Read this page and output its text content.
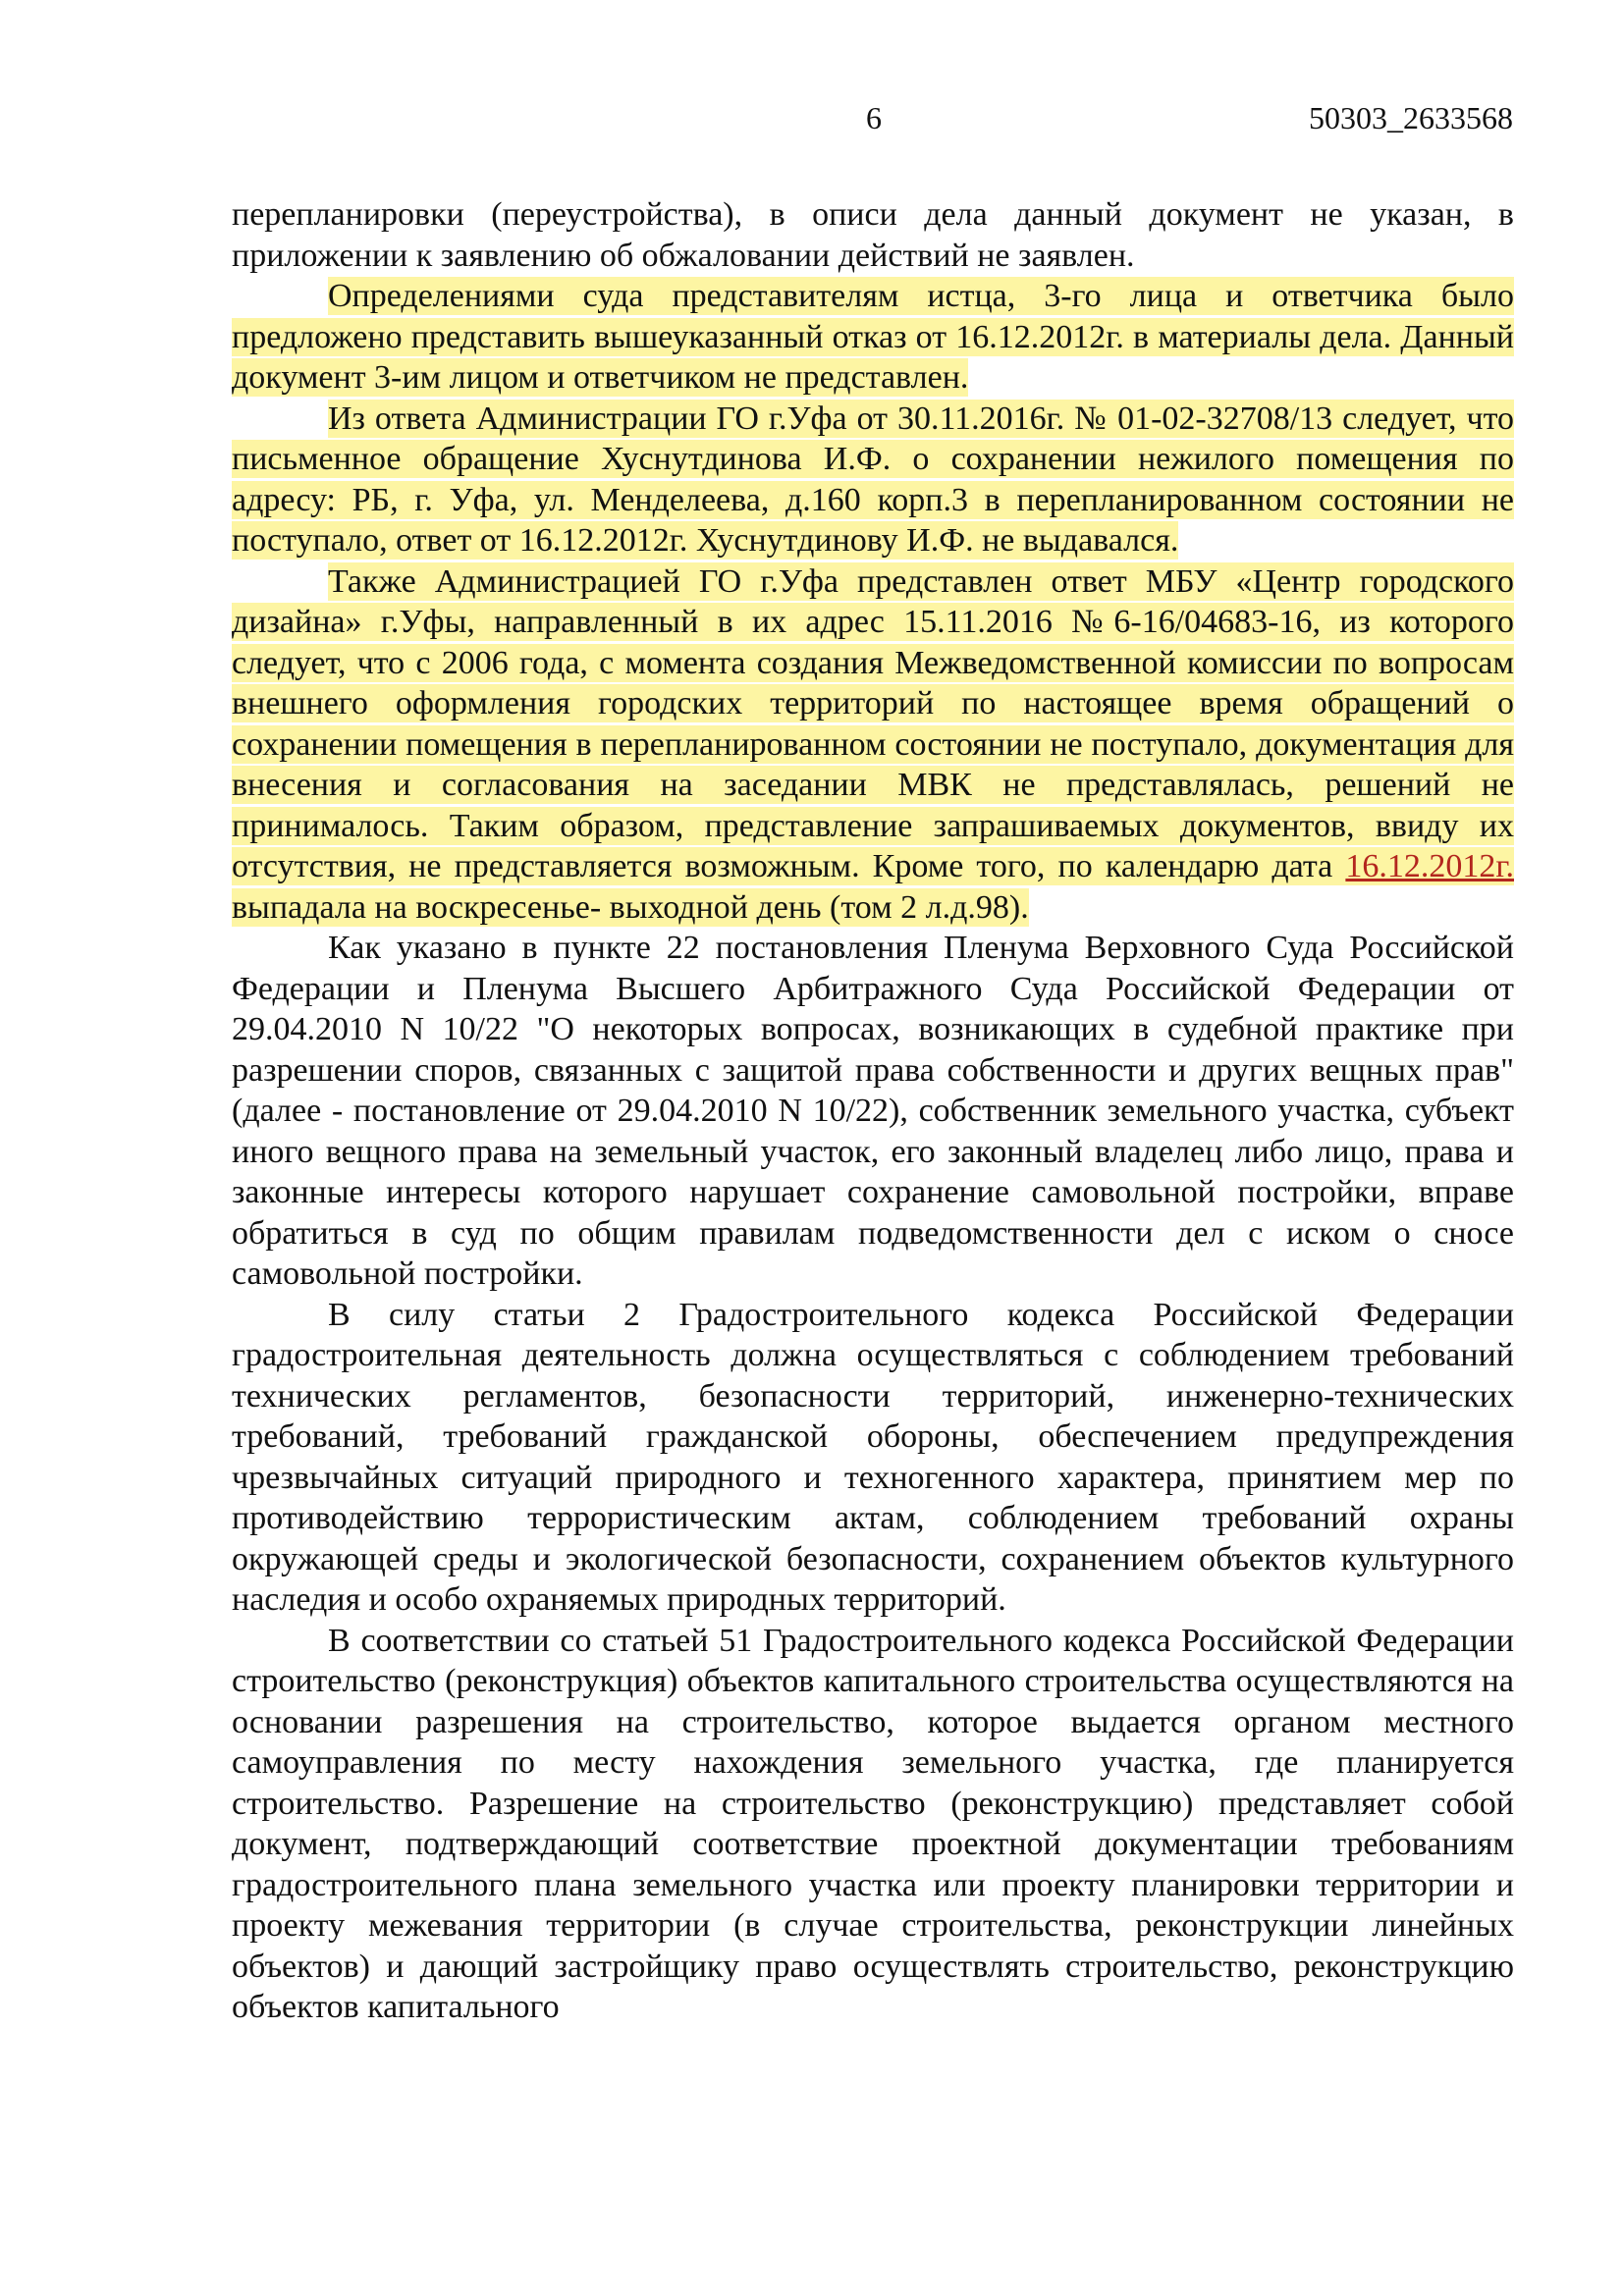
6	50303_2633568

перепланировки (переустройства), в описи дела данный документ не указан, в приложении к заявлению об обжаловании действий не заявлен.

Определениями суда представителям истца, 3-го лица и ответчика было предложено представить вышеуказанный отказ от 16.12.2012г. в материалы дела. Данный документ 3-им лицом и ответчиком не представлен.

Из ответа Администрации ГО г.Уфа от 30.11.2016г. № 01-02-32708/13 следует, что письменное обращение Хуснутдинова И.Ф. о сохранении нежилого помещения по адресу: РБ, г. Уфа, ул. Менделеева, д.160 корп.3 в перепланированном состоянии не поступало, ответ от 16.12.2012г. Хуснутдинову И.Ф. не выдавался.

Также Администрацией ГО г.Уфа представлен ответ МБУ «Центр городского дизайна» г.Уфы, направленный в их адрес 15.11.2016 №6-16/04683-16, из которого следует, что с 2006 года, с момента создания Межведомственной комиссии по вопросам внешнего оформления городских территорий по настоящее время обращений о сохранении помещения в перепланированном состоянии не поступало, документация для внесения и согласования на заседании МВК не представлялась, решений не принималось. Таким образом, представление запрашиваемых документов, ввиду их отсутствия, не представляется возможным. Кроме того, по календарю дата 16.12.2012г. выпадала на воскресенье- выходной день (том 2 л.д.98).

Как указано в пункте 22 постановления Пленума Верховного Суда Российской Федерации и Пленума Высшего Арбитражного Суда Российской Федерации от 29.04.2010 N 10/22 "О некоторых вопросах, возникающих в судебной практике при разрешении споров, связанных с защитой права собственности и других вещных прав" (далее - постановление от 29.04.2010 N 10/22), собственник земельного участка, субъект иного вещного права на земельный участок, его законный владелец либо лицо, права и законные интересы которого нарушает сохранение самовольной постройки, вправе обратиться в суд по общим правилам подведомственности дел с иском о сносе самовольной постройки.

В силу статьи 2 Градостроительного кодекса Российской Федерации градостроительная деятельность должна осуществляться с соблюдением требований технических регламентов, безопасности территорий, инженерно-технических требований, требований гражданской обороны, обеспечением предупреждения чрезвычайных ситуаций природного и техногенного характера, принятием мер по противодействию террористическим актам, соблюдением требований охраны окружающей среды и экологической безопасности, сохранением объектов культурного наследия и особо охраняемых природных территорий.

В соответствии со статьей 51 Градостроительного кодекса Российской Федерации строительство (реконструкция) объектов капитального строительства осуществляются на основании разрешения на строительство, которое выдается органом местного самоуправления по месту нахождения земельного участка, где планируется строительство. Разрешение на строительство (реконструкцию) представляет собой документ, подтверждающий соответствие проектной документации требованиям градостроительного плана земельного участка или проекту планировки территории и проекту межевания территории (в случае строительства, реконструкции линейных объектов) и дающий застройщику право осуществлять строительство, реконструкцию объектов капитального
